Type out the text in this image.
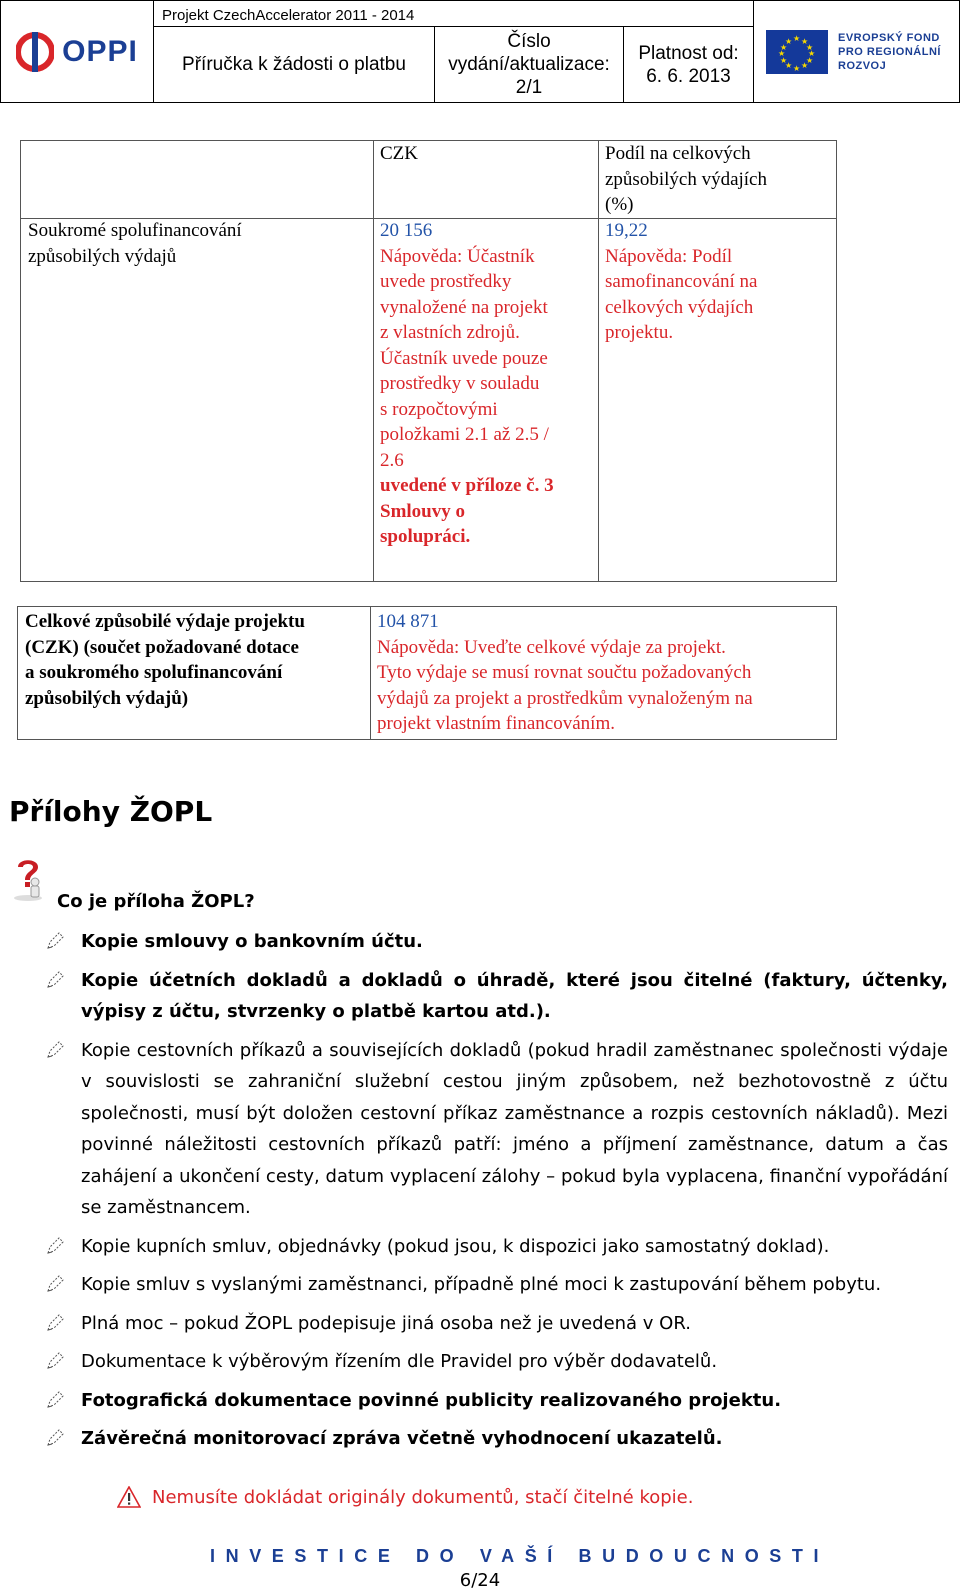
OPPI
Projekt CzechAccelerator 2011 - 2014
Příručka k žádosti o platbu
Číslo
vydání/aktualizace:
2/1
Platnost od:
6. 6. 2013
★ ★
★
★
★
★
★
★
★
★
★
★	EVROPSKÝ FOND
PRO REGIONÁLNÍ
ROZVOJ
CZK	Podíl na celkových
způsobilých výdajích
(%)
Soukromé spolufinancování
způsobilých výdajů
20 156
Nápověda: Účastník
uvede prostředky
vynaložené na projekt
z vlastních zdrojů.
Účastník uvede pouze
prostředky v souladu
s rozpočtovými
položkami 2.1 až 2.5 /
2.6
uvedené v příloze č. 3
Smlouvy o
spolupráci.
19,22
Nápověda: Podíl
samofinancování na
celkových výdajích
projektu.
Celkové způsobilé výdaje projektu
(CZK) (součet požadované dotace
a soukromého spolufinancování
způsobilých výdajů)
104 871
Nápověda: Uveďte celkové výdaje za projekt.
Tyto výdaje se musí rovnat součtu požadovaných
výdajů za projekt a prostředkům vynaloženým na
projekt vlastním financováním.
Přílohy ŽOPL
Co je příloha ŽOPL?
Kopie smlouvy o bankovním účtu.
Kopie účetních dokladů a dokladů o úhradě, které jsou čitelné (faktury, účtenky, výpisy z účtu, stvrzenky o platbě kartou atd.).
Kopie cestovních příkazů a souvisejících dokladů (pokud hradil zaměstnanec společnosti výdaje v souvislosti se zahraniční služební cestou jiným způsobem, než bezhotovostně z účtu společnosti, musí být doložen cestovní příkaz zaměstnance a rozpis cestovních nákladů). Mezi povinné náležitosti cestovních příkazů patří: jméno a příjmení zaměstnance, datum a čas zahájení a ukončení cesty, datum vyplacení zálohy – pokud byla vyplacena, finanční vypořádání se zaměstnancem.
Kopie kupních smluv, objednávky (pokud jsou, k dispozici jako samostatný doklad).
Kopie smluv s vyslanými zaměstnanci, případně plné moci k zastupování během pobytu.
Plná moc – pokud ŽOPL podepisuje jiná osoba než je uvedená v OR.
Dokumentace k výběrovým řízením dle Pravidel pro výběr dodavatelů.
Fotografická dokumentace povinné publicity realizovaného projektu.
Závěrečná monitorovací zpráva včetně vyhodnocení ukazatelů.
Nemusíte dokládat originály dokumentů, stačí čitelné kopie.
INVESTICE DO VAŠÍ BUDOUCNOSTI
6/24
